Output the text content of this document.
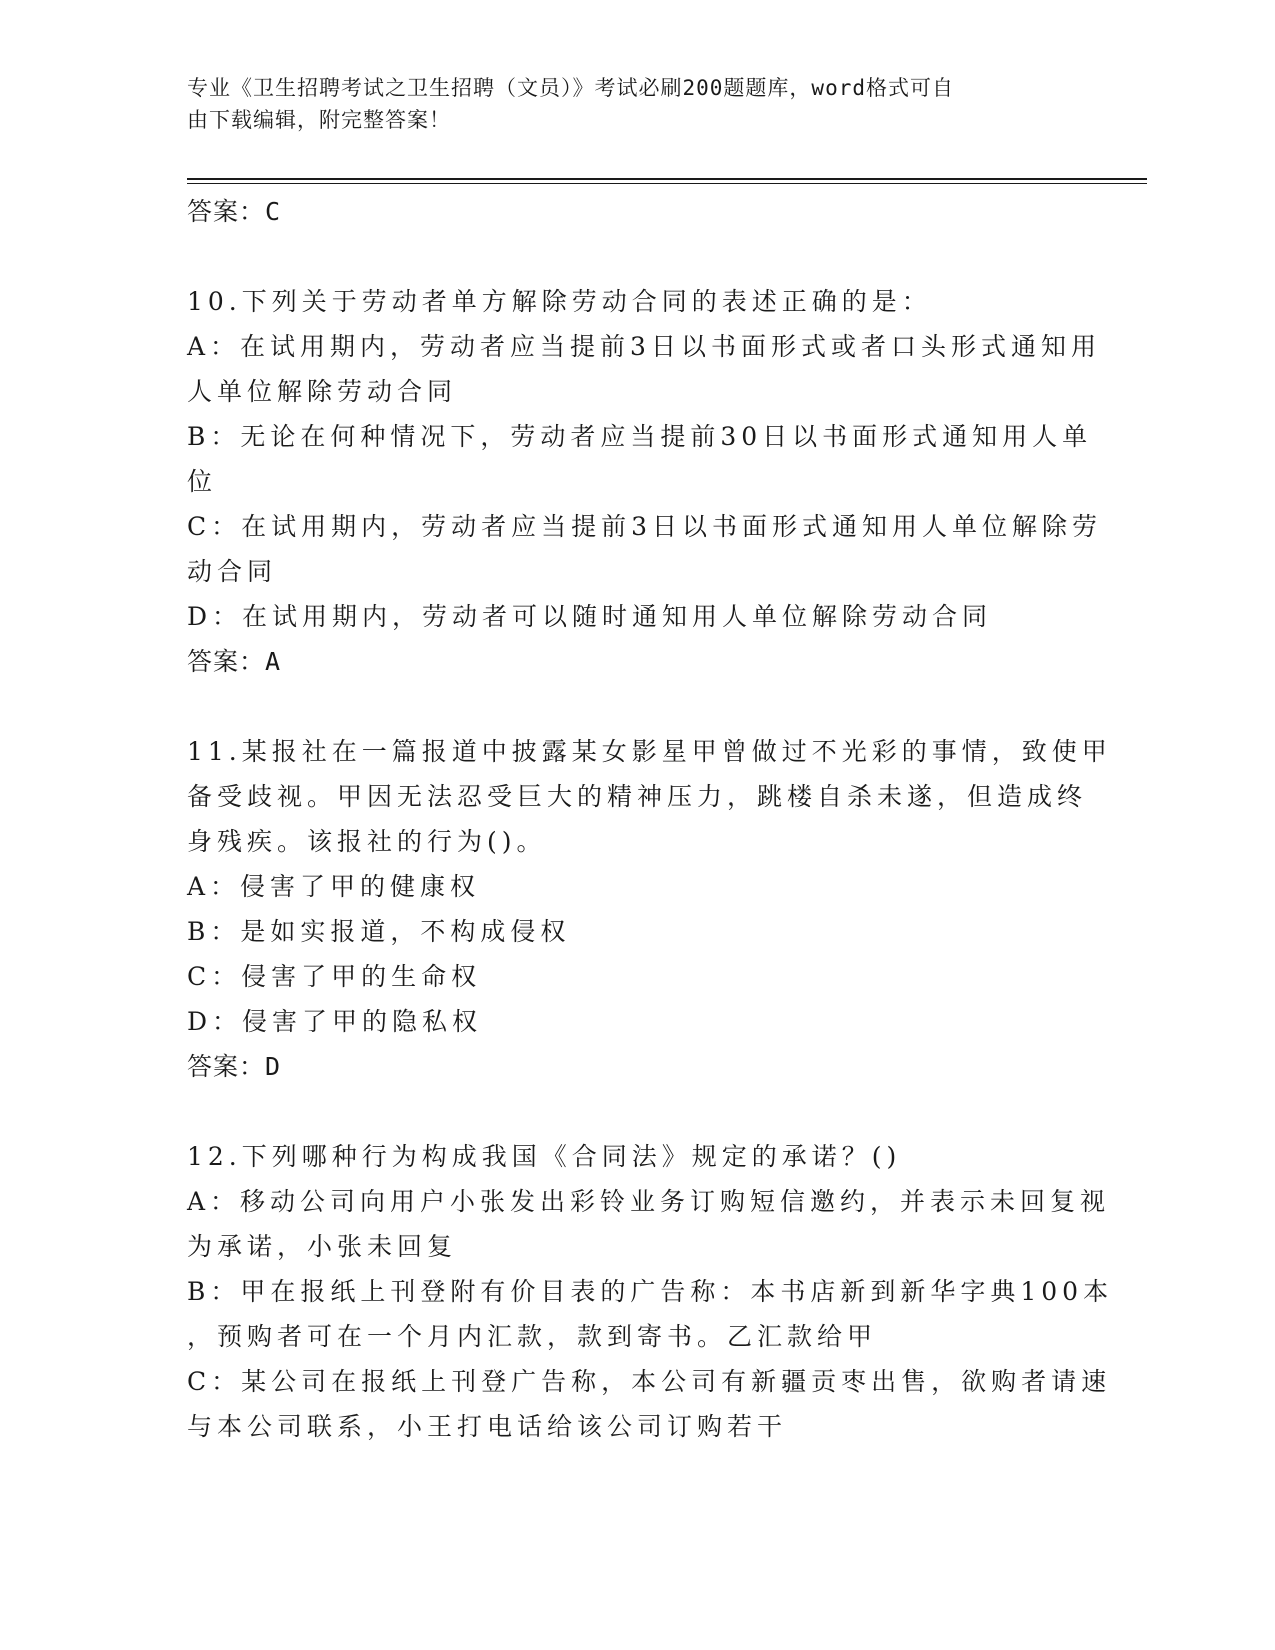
专业《卫生招聘考试之卫生招聘（文员）》考试必刷200题题库，word格式可自
由下载编辑，附完整答案！
答案：C
10.下列关于劳动者单方解除劳动合同的表述正确的是：
A：在试用期内，劳动者应当提前3日以书面形式或者口头形式通知用
人单位解除劳动合同
B：无论在何种情况下，劳动者应当提前30日以书面形式通知用人单
位
C：在试用期内，劳动者应当提前3日以书面形式通知用人单位解除劳
动合同
D：在试用期内，劳动者可以随时通知用人单位解除劳动合同
答案：A
11.某报社在一篇报道中披露某女影星甲曾做过不光彩的事情，致使甲
备受歧视。甲因无法忍受巨大的精神压力，跳楼自杀未遂，但造成终
身残疾。该报社的行为()。
A：侵害了甲的健康权
B：是如实报道，不构成侵权
C：侵害了甲的生命权
D：侵害了甲的隐私权
答案：D
12.下列哪种行为构成我国《合同法》规定的承诺？()
A：移动公司向用户小张发出彩铃业务订购短信邀约，并表示未回复视
为承诺，小张未回复
B：甲在报纸上刊登附有价目表的广告称：本书店新到新华字典100本
，预购者可在一个月内汇款，款到寄书。乙汇款给甲
C：某公司在报纸上刊登广告称，本公司有新疆贡枣出售，欲购者请速
与本公司联系，小王打电话给该公司订购若干
